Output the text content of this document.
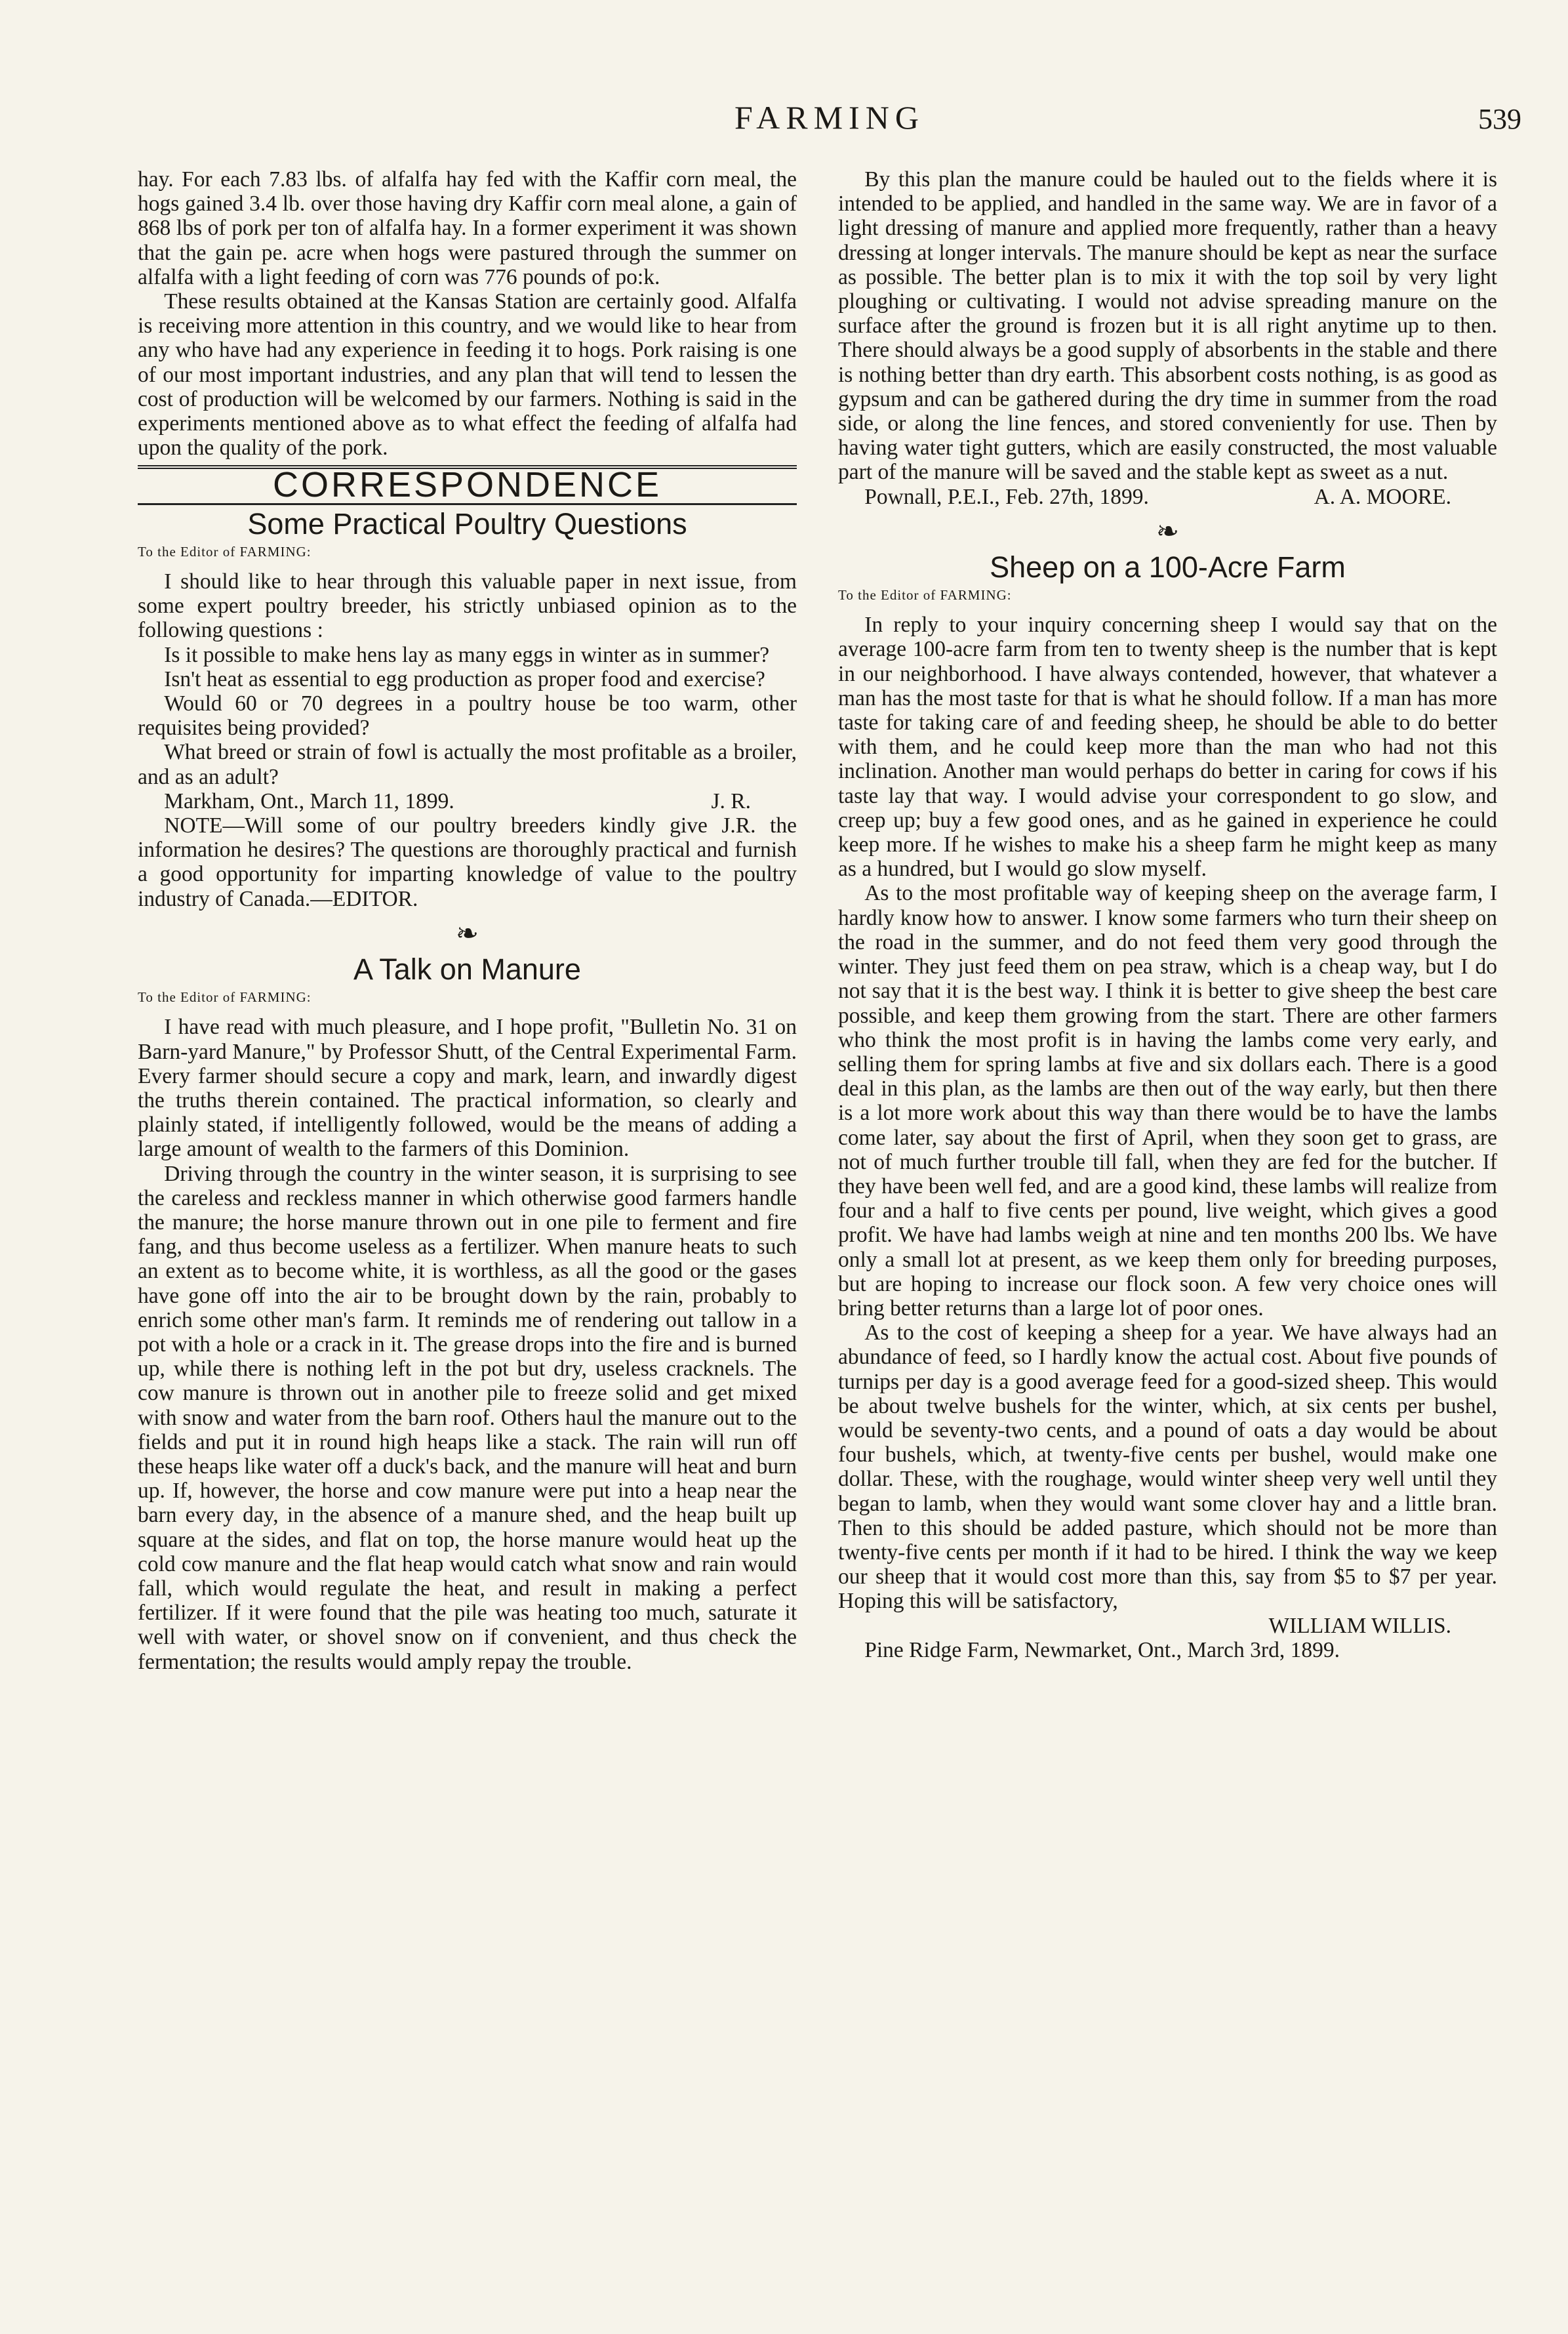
FARMING	539

hay. For each 7.83 lbs. of alfalfa hay fed with the Kaffir corn meal, the hogs gained 3.4 lb. over those having dry Kaffir corn meal alone, a gain of 868 lbs of pork per ton of alfalfa hay. In a former experiment it was shown that the gain pe. acre when hogs were pastured through the summer on alfalfa with a light feeding of corn was 776 pounds of po:k.

These results obtained at the Kansas Station are certainly good. Alfalfa is receiving more attention in this country, and we would like to hear from any who have had any experience in feeding it to hogs. Pork raising is one of our most important industries, and any plan that will tend to lessen the cost of production will be welcomed by our farmers. Nothing is said in the experiments mentioned above as to what effect the feeding of alfalfa had upon the quality of the pork.

CORRESPONDENCE
Some Practical Poultry Questions
To the Editor of FARMING:

I should like to hear through this valuable paper in next issue, from some expert poultry breeder, his strictly unbiased opinion as to the following questions :

Is it possible to make hens lay as many eggs in winter as in summer?

Isn't heat as essential to egg production as proper food and exercise?

Would 60 or 70 degrees in a poultry house be too warm, other requisites being provided?

What breed or strain of fowl is actually the most profitable as a broiler, and as an adult?

Markham, Ont., March 11, 1899.	J. R.

NOTE—Will some of our poultry breeders kindly give J.R. the information he desires? The questions are thoroughly practical and furnish a good opportunity for imparting knowledge of value to the poultry industry of Canada.—EDITOR.

❧
A Talk on Manure
To the Editor of FARMING:

I have read with much pleasure, and I hope profit, "Bulletin No. 31 on Barn-yard Manure," by Professor Shutt, of the Central Experimental Farm. Every farmer should secure a copy and mark, learn, and inwardly digest the truths therein contained. The practical information, so clearly and plainly stated, if intelligently followed, would be the means of adding a large amount of wealth to the farmers of this Dominion.

Driving through the country in the winter season, it is surprising to see the careless and reckless manner in which otherwise good farmers handle the manure; the horse manure thrown out in one pile to ferment and fire fang, and thus become useless as a fertilizer. When manure heats to such an extent as to become white, it is worthless, as all the good or the gases have gone off into the air to be brought down by the rain, probably to enrich some other man's farm. It reminds me of rendering out tallow in a pot with a hole or a crack in it. The grease drops into the fire and is burned up, while there is nothing left in the pot but dry, useless cracknels. The cow manure is thrown out in another pile to freeze solid and get mixed with snow and water from the barn roof. Others haul the manure out to the fields and put it in round high heaps like a stack. The rain will run off these heaps like water off a duck's back, and the manure will heat and burn up. If, however, the horse and cow manure were put into a heap near the barn every day, in the absence of a manure shed, and the heap built up square at the sides, and flat on top, the horse manure would heat up the cold cow manure and the flat heap would catch what snow and rain would fall, which would regulate the heat, and result in making a perfect fertilizer. If it were found that the pile was heating too much, saturate it well with water, or shovel snow on if convenient, and thus check the fermentation; the results would amply repay the trouble.

By this plan the manure could be hauled out to the fields where it is intended to be applied, and handled in the same way. We are in favor of a light dressing of manure and applied more frequently, rather than a heavy dressing at longer intervals. The manure should be kept as near the surface as possible. The better plan is to mix it with the top soil by very light ploughing or cultivating. I would not advise spreading manure on the surface after the ground is frozen but it is all right anytime up to then. There should always be a good supply of absorbents in the stable and there is nothing better than dry earth. This absorbent costs nothing, is as good as gypsum and can be gathered during the dry time in summer from the road side, or along the line fences, and stored conveniently for use. Then by having water tight gutters, which are easily constructed, the most valuable part of the manure will be saved and the stable kept as sweet as a nut.

Pownall, P.E.I., Feb. 27th, 1899.	A. A. MOORE.
❧
Sheep on a 100-Acre Farm
To the Editor of FARMING:

In reply to your inquiry concerning sheep I would say that on the average 100-acre farm from ten to twenty sheep is the number that is kept in our neighborhood. I have always contended, however, that whatever a man has the most taste for that is what he should follow. If a man has more taste for taking care of and feeding sheep, he should be able to do better with them, and he could keep more than the man who had not this inclination. Another man would perhaps do better in caring for cows if his taste lay that way. I would advise your correspondent to go slow, and creep up; buy a few good ones, and as he gained in experience he could keep more. If he wishes to make his a sheep farm he might keep as many as a hundred, but I would go slow myself.

As to the most profitable way of keeping sheep on the average farm, I hardly know how to answer. I know some farmers who turn their sheep on the road in the summer, and do not feed them very good through the winter. They just feed them on pea straw, which is a cheap way, but I do not say that it is the best way. I think it is better to give sheep the best care possible, and keep them growing from the start. There are other farmers who think the most profit is in having the lambs come very early, and selling them for spring lambs at five and six dollars each. There is a good deal in this plan, as the lambs are then out of the way early, but then there is a lot more work about this way than there would be to have the lambs come later, say about the first of April, when they soon get to grass, are not of much further trouble till fall, when they are fed for the butcher. If they have been well fed, and are a good kind, these lambs will realize from four and a half to five cents per pound, live weight, which gives a good profit. We have had lambs weigh at nine and ten months 200 lbs. We have only a small lot at present, as we keep them only for breeding purposes, but are hoping to increase our flock soon. A few very choice ones will bring better returns than a large lot of poor ones.

As to the cost of keeping a sheep for a year. We have always had an abundance of feed, so I hardly know the actual cost. About five pounds of turnips per day is a good average feed for a good-sized sheep. This would be about twelve bushels for the winter, which, at six cents per bushel, would be seventy-two cents, and a pound of oats a day would be about four bushels, which, at twenty-five cents per bushel, would make one dollar. These, with the roughage, would winter sheep very well until they began to lamb, when they would want some clover hay and a little bran. Then to this should be added pasture, which should not be more than twenty-five cents per month if it had to be hired. I think the way we keep our sheep that it would cost more than this, say from $5 to $7 per year. Hoping this will be satisfactory,

WILLIAM WILLIS.

Pine Ridge Farm, Newmarket, Ont., March 3rd, 1899.
